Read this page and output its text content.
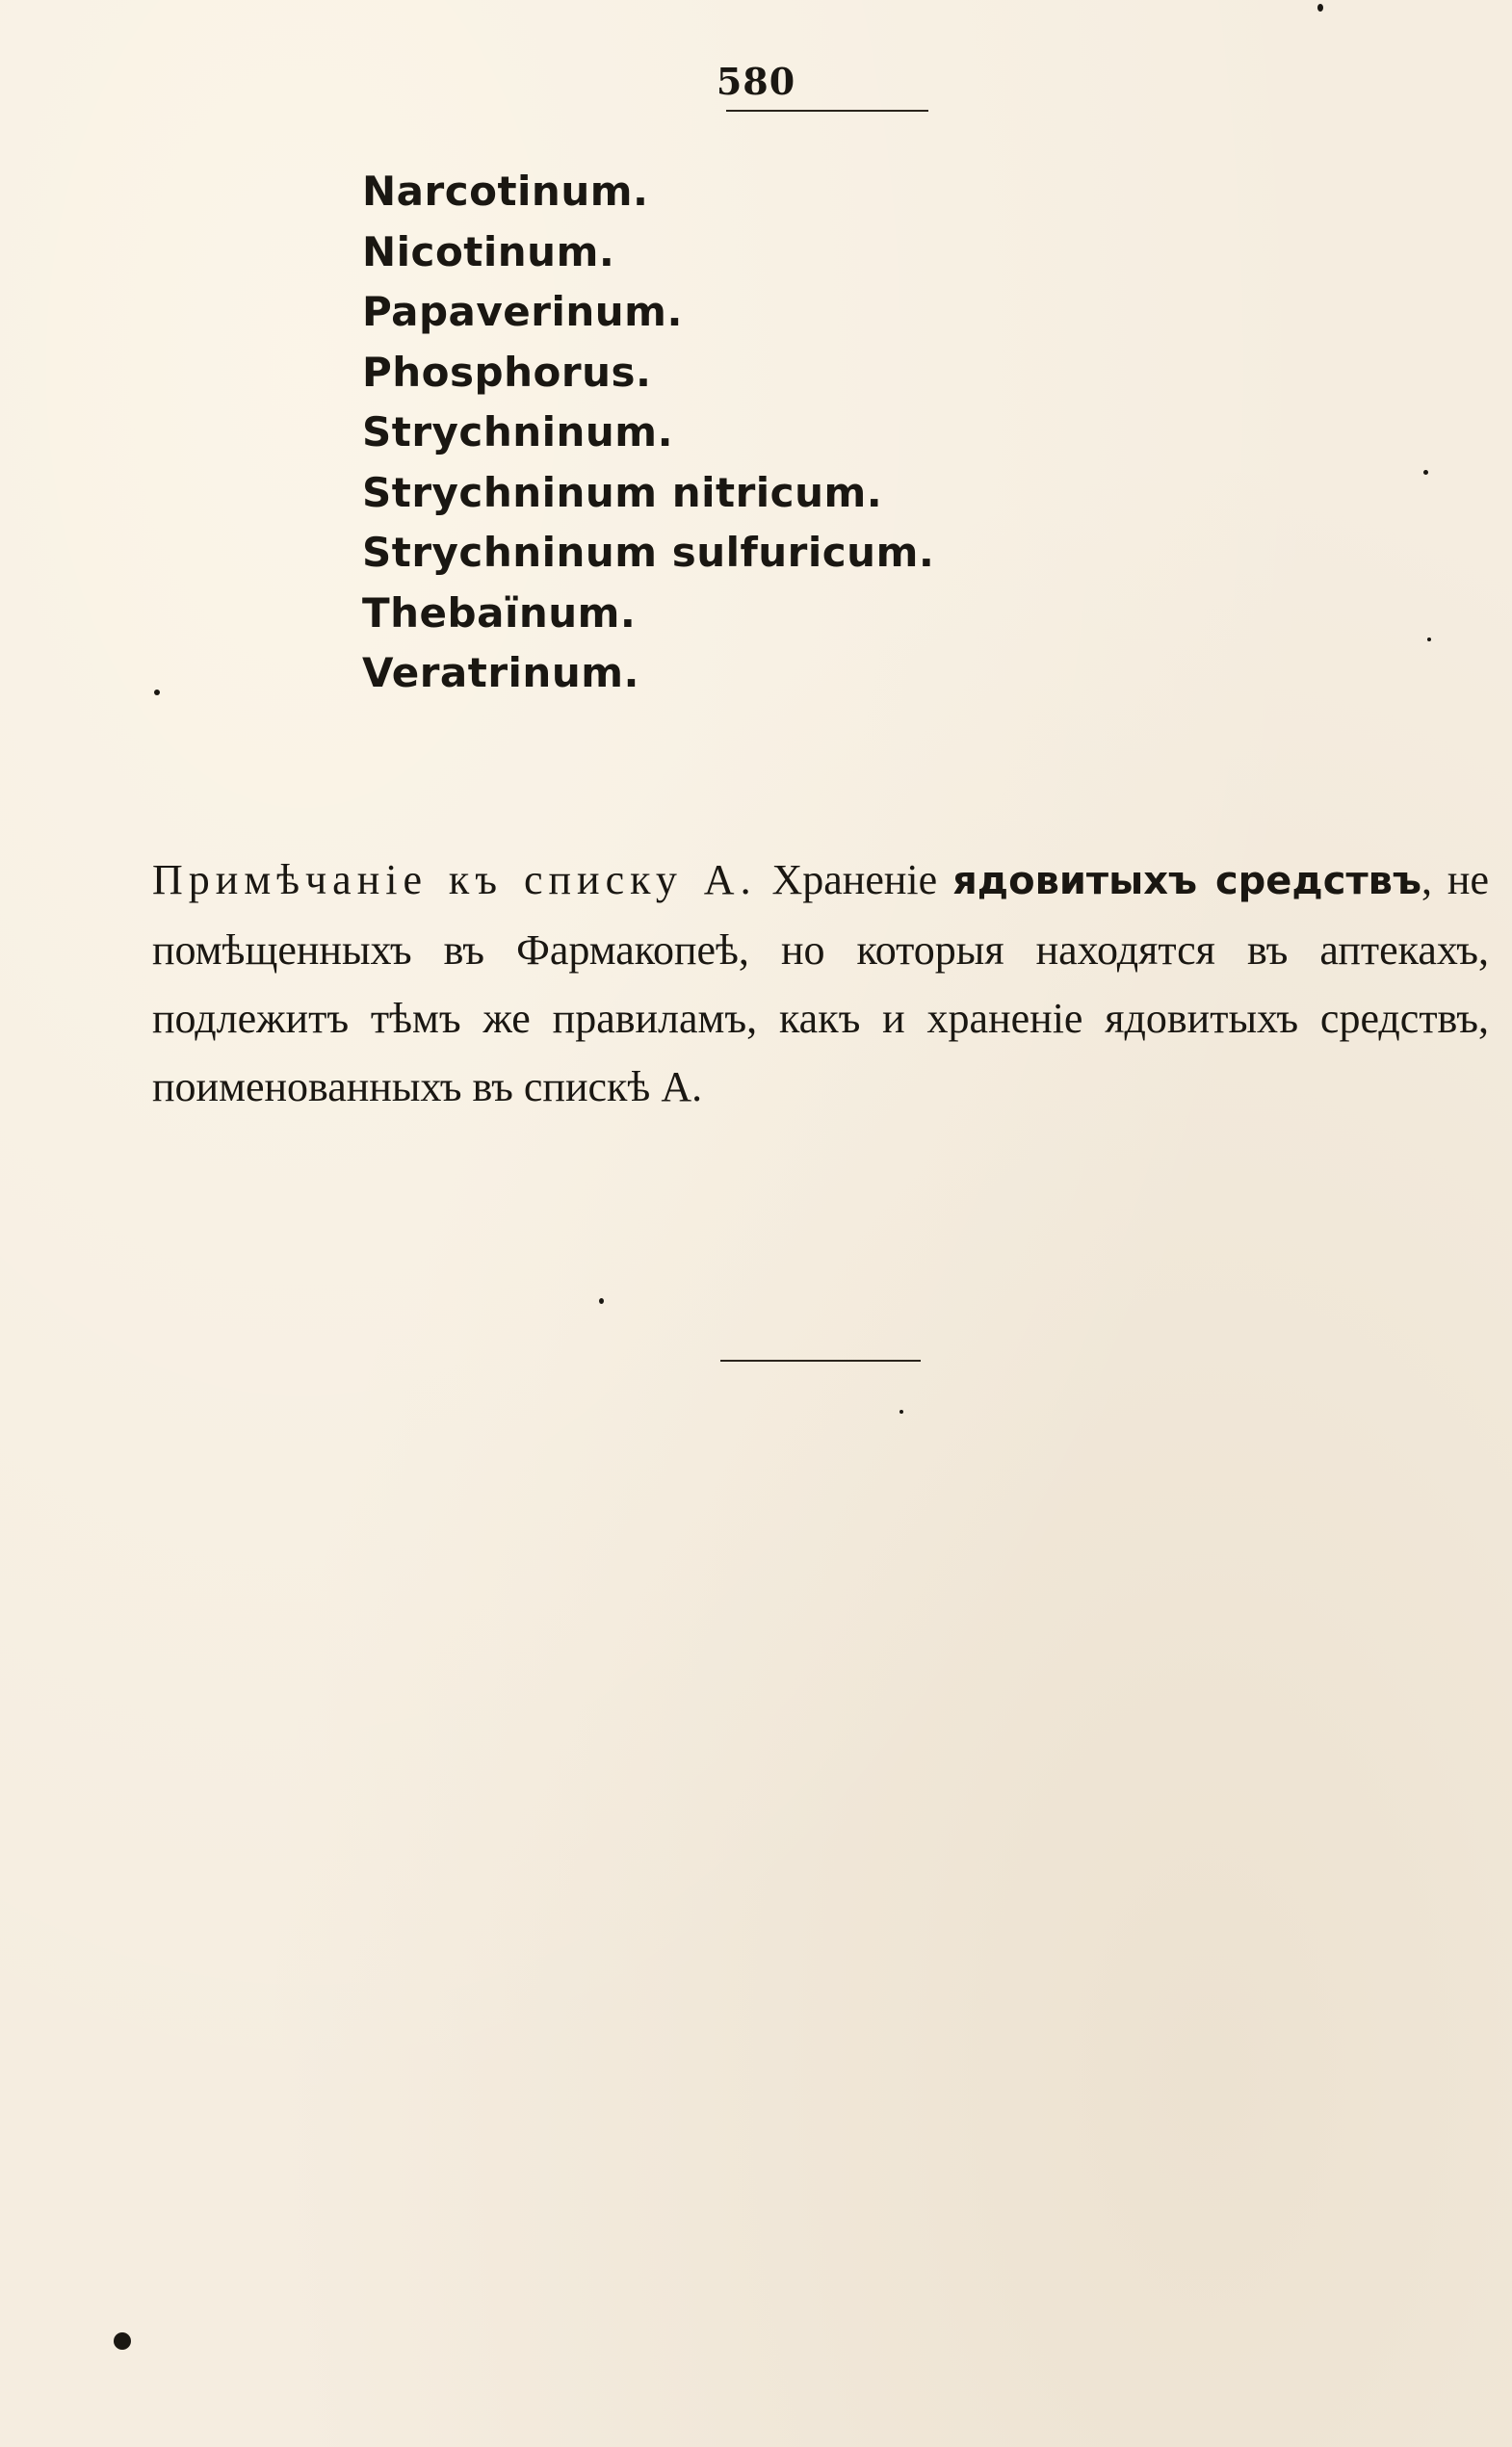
580
Narcotinum.
Nicotinum.
Papaverinum.
Phosphorus.
Strychninum.
Strychninum nitricum.
Strychninum sulfuricum.
Thebaïnum.
Veratrinum.

Примѣчаніе къ списку А. Храненіе ядовитыхъ средствъ, не помѣщенныхъ въ Фармакопеѣ, но которыя находятся въ аптекахъ, подлежитъ тѣмъ же правиламъ, какъ и храненіе ядовитыхъ средствъ, поименованныхъ въ спискѣ А.
